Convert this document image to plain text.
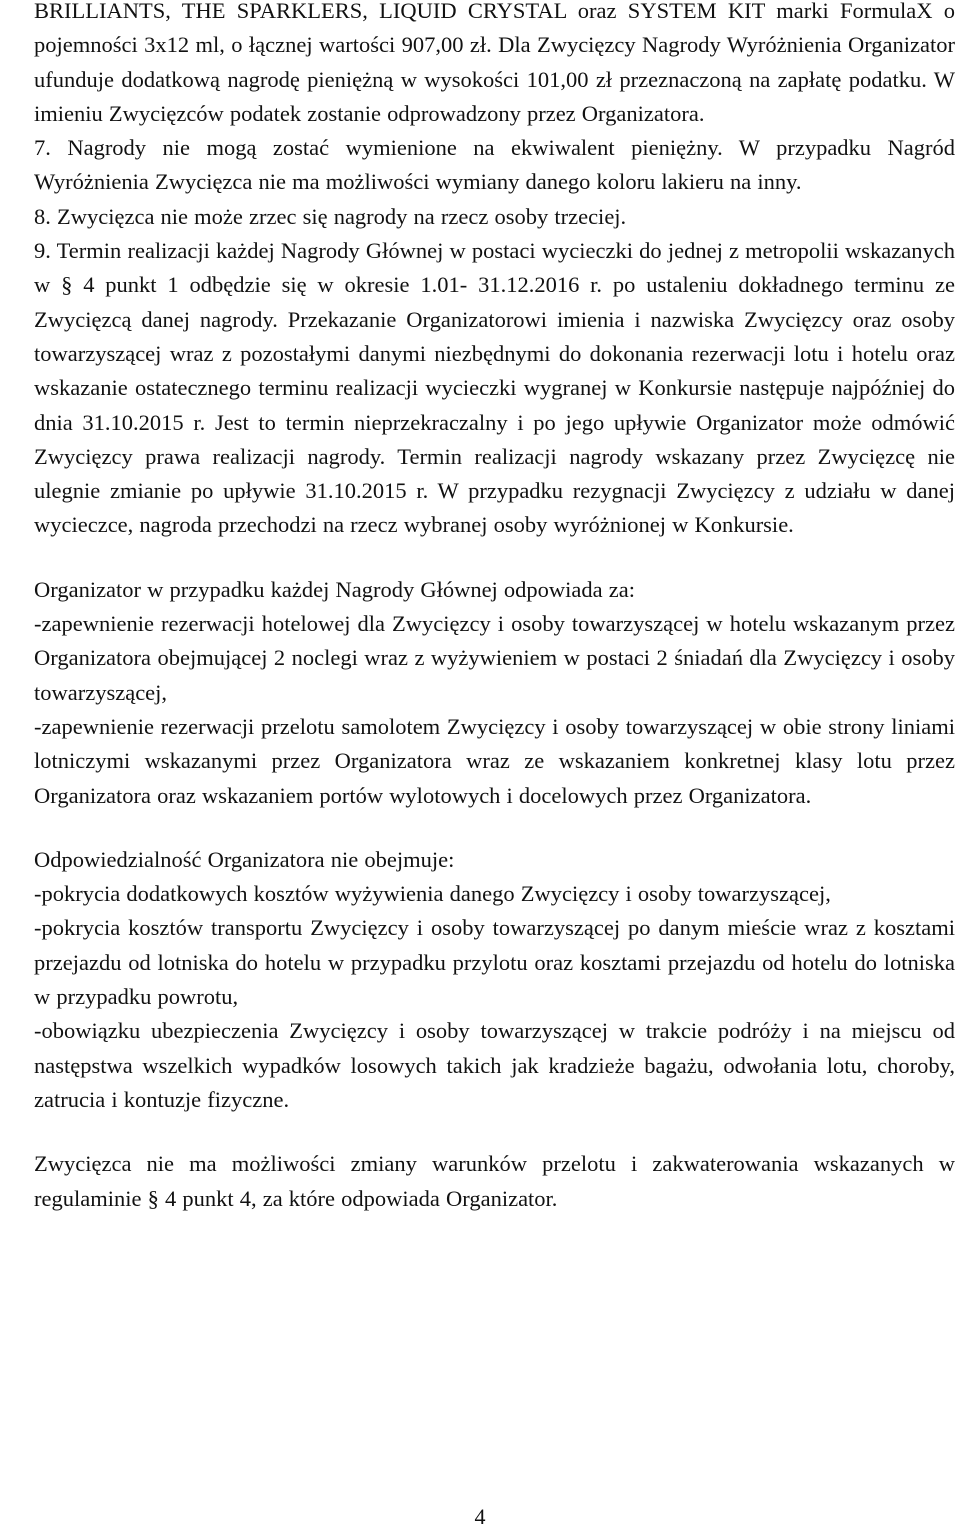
BRILLIANTS, THE SPARKLERS, LIQUID CRYSTAL oraz SYSTEM KIT marki FormulaX o pojemności 3x12 ml, o łącznej wartości 907,00 zł. Dla Zwycięzcy Nagrody Wyróżnienia Organizator ufunduje dodatkową nagrodę pieniężną w wysokości 101,00 zł przeznaczoną na zapłatę podatku. W imieniu Zwycięzców podatek zostanie odprowadzony przez Organizatora.

7. Nagrody nie mogą zostać wymienione na ekwiwalent pieniężny. W przypadku Nagród Wyróżnienia Zwycięzca nie ma możliwości wymiany danego koloru lakieru na inny.

8. Zwycięzca nie może zrzec się nagrody na rzecz osoby trzeciej.

9. Termin realizacji każdej Nagrody Głównej w postaci wycieczki do jednej z metropolii wskazanych w § 4 punkt 1 odbędzie się w okresie 1.01- 31.12.2016 r. po ustaleniu dokładnego terminu ze Zwycięzcą danej nagrody. Przekazanie Organizatorowi imienia i nazwiska Zwycięzcy oraz osoby towarzyszącej wraz z pozostałymi danymi niezbędnymi do dokonania rezerwacji lotu i hotelu oraz wskazanie ostatecznego terminu realizacji wycieczki wygranej w Konkursie następuje najpóźniej do dnia 31.10.2015 r. Jest to termin nieprzekraczalny i po jego upływie Organizator może odmówić Zwycięzcy prawa realizacji nagrody. Termin realizacji nagrody wskazany przez Zwycięzcę nie ulegnie zmianie po upływie 31.10.2015 r. W przypadku rezygnacji Zwycięzcy z udziału w danej wycieczce, nagroda przechodzi na rzecz wybranej osoby wyróżnionej w Konkursie.

Organizator w przypadku każdej Nagrody Głównej odpowiada za:

-zapewnienie rezerwacji hotelowej dla Zwycięzcy i osoby towarzyszącej w hotelu wskazanym przez Organizatora obejmującej 2 noclegi wraz z wyżywieniem w postaci 2 śniadań dla Zwycięzcy i osoby towarzyszącej,

-zapewnienie rezerwacji przelotu samolotem Zwycięzcy i osoby towarzyszącej w obie strony liniami lotniczymi wskazanymi przez Organizatora wraz ze wskazaniem konkretnej klasy lotu przez Organizatora oraz wskazaniem portów wylotowych i docelowych przez Organizatora.

Odpowiedzialność Organizatora nie obejmuje:

-pokrycia dodatkowych kosztów wyżywienia danego Zwycięzcy i osoby towarzyszącej,

-pokrycia kosztów transportu Zwycięzcy i osoby towarzyszącej po danym mieście wraz z kosztami przejazdu od lotniska do hotelu w przypadku przylotu oraz kosztami przejazdu od hotelu do lotniska w przypadku powrotu,

-obowiązku ubezpieczenia Zwycięzcy i osoby towarzyszącej w trakcie podróży i na miejscu od następstwa wszelkich wypadków losowych takich jak kradzieże bagażu, odwołania lotu, choroby, zatrucia i kontuzje fizyczne.

Zwycięzca nie ma możliwości zmiany warunków przelotu i zakwaterowania wskazanych w regulaminie § 4 punkt 4, za które odpowiada Organizator.

4
